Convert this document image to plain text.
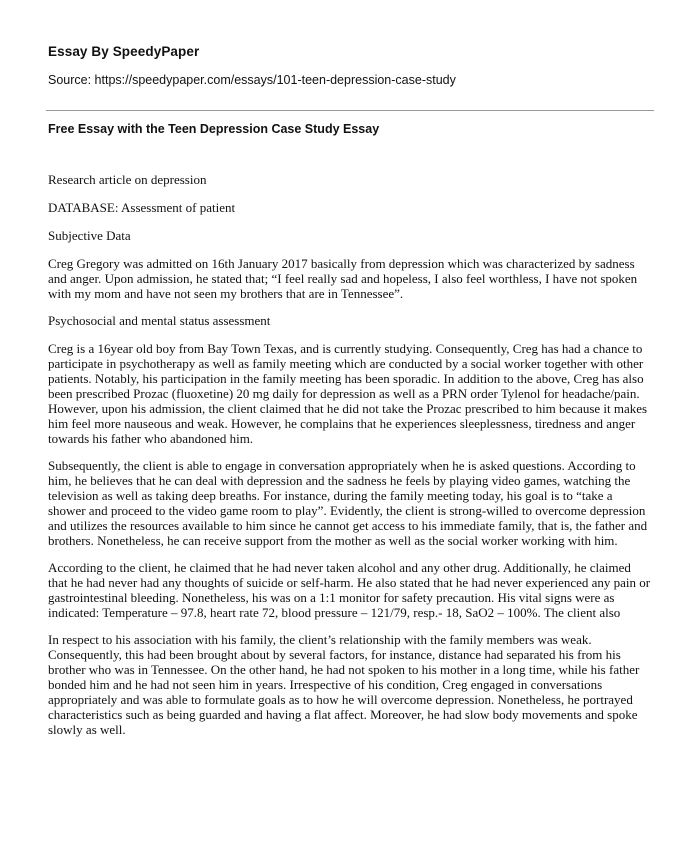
Essay By SpeedyPaper
Source: https://speedypaper.com/essays/101-teen-depression-case-study
Free Essay with the Teen Depression Case Study Essay

Research article on depression

DATABASE: Assessment of patient

Subjective Data

Creg Gregory was admitted on 16th January 2017 basically from depression which was characterized by sadness and anger. Upon admission, he stated that; “I feel really sad and hopeless, I also feel worthless, I have not spoken with my mom and have not seen my brothers that are in Tennessee”.

Psychosocial and mental status assessment

Creg is a 16year old boy from Bay Town Texas, and is currently studying. Consequently, Creg has had a chance to participate in psychotherapy as well as family meeting which are conducted by a social worker together with other patients. Notably, his participation in the family meeting has been sporadic. In addition to the above, Creg has also been prescribed Prozac (fluoxetine) 20 mg daily for depression as well as a PRN order Tylenol for headache/pain. However, upon his admission, the client claimed that he did not take the Prozac prescribed to him because it makes him feel more nauseous and weak. However, he complains that he experiences sleeplessness, tiredness and anger towards his father who abandoned him.

Subsequently, the client is able to engage in conversation appropriately when he is asked questions. According to him, he believes that he can deal with depression and the sadness he feels by playing video games, watching the television as well as taking deep breaths. For instance, during the family meeting today, his goal is to “take a shower and proceed to the video game room to play”. Evidently, the client is strong-willed to overcome depression and utilizes the resources available to him since he cannot get access to his immediate family, that is, the father and brothers. Nonetheless, he can receive support from the mother as well as the social worker working with him.

According to the client, he claimed that he had never taken alcohol and any other drug. Additionally, he claimed that he had never had any thoughts of suicide or self-harm. He also stated that he had never experienced any pain or gastrointestinal bleeding. Nonetheless, his was on a 1:1 monitor for safety precaution. His vital signs were as indicated: Temperature – 97.8, heart rate 72, blood pressure – 121/79, resp.- 18, SaO2 – 100%. The client also

In respect to his association with his family, the client’s relationship with the family members was weak. Consequently, this had been brought about by several factors, for instance, distance had separated his from his brother who was in Tennessee. On the other hand, he had not spoken to his mother in a long time, while his father bonded him and he had not seen him in years. Irrespective of his condition, Creg engaged in conversations appropriately and was able to formulate goals as to how he will overcome depression. Nonetheless, he portrayed characteristics such as being guarded and having a flat affect. Moreover, he had slow body movements and spoke slowly as well.
